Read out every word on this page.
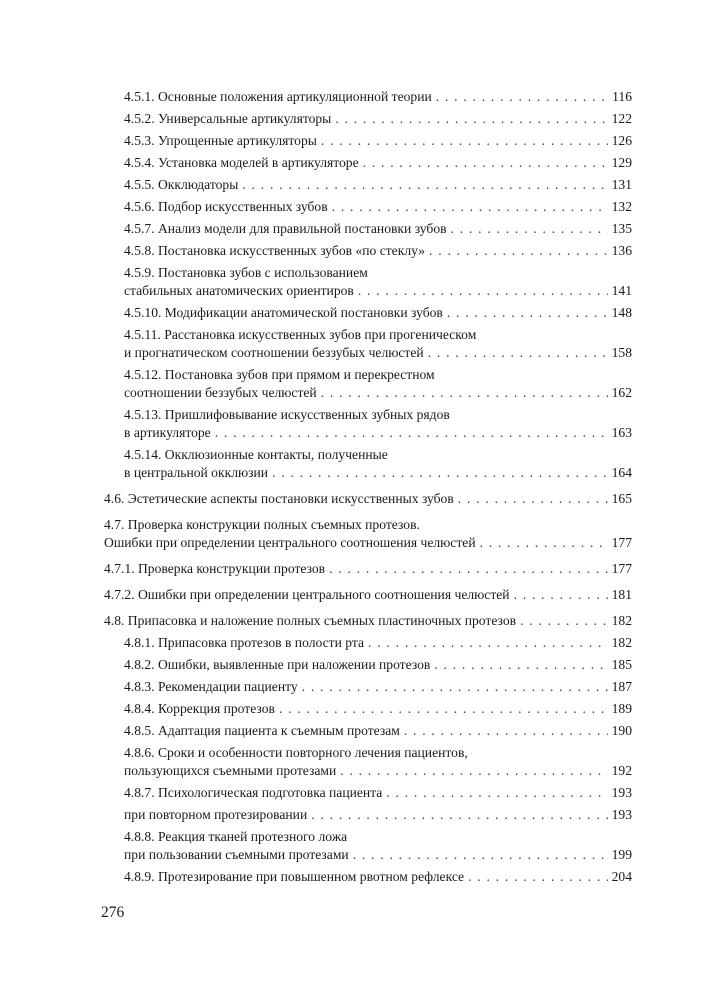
4.5.1. Основные положения артикуляционной теории . . .	116
4.5.2. Универсальные артикуляторы . . .	122
4.5.3. Упрощенные артикуляторы . . .	126
4.5.4. Установка моделей в артикуляторе . . .	129
4.5.5. Окклюдаторы . . .	131
4.5.6. Подбор искусственных зубов . . .	132
4.5.7. Анализ модели для правильной постановки зубов . . .	135
4.5.8. Постановка искусственных зубов «по стеклу» . . .	136
4.5.9. Постановка зубов с использованием
стабильных анатомических ориентиров . . .	141
4.5.10. Модификации анатомической постановки зубов . . .	148
4.5.11. Расстановка искусственных зубов при прогеническом
и прогнатическом соотношении беззубых челюстей . . .	158
4.5.12. Постановка зубов при прямом и перекрестном
соотношении беззубых челюстей . . .	162
4.5.13. Пришлифовывание искусственных зубных рядов
в артикуляторе . . .	163
4.5.14. Окклюзионные контакты, полученные
в центральной окклюзии . . .	164
4.6. Эстетические аспекты постановки искусственных зубов . . .	165
4.7. Проверка конструкции полных съемных протезов.
Ошибки при определении центрального соотношения челюстей . . .	177
4.7.1. Проверка конструкции протезов . . .	177
4.7.2. Ошибки при определении центрального соотношения челюстей . . .	181
4.8. Припасовка и наложение полных съемных пластиночных протезов . . .	182
4.8.1. Припасовка протезов в полости рта . . .	182
4.8.2. Ошибки, выявленные при наложении протезов . . .	185
4.8.3. Рекомендации пациенту . . .	187
4.8.4. Коррекция протезов . . .	189
4.8.5. Адаптация пациента к съемным протезам . . .	190
4.8.6. Сроки и особенности повторного лечения пациентов,
пользующихся съемными протезами . . .	192
4.8.7. Психологическая подготовка пациента . . .	193
при повторном протезировании . . .	193
4.8.8. Реакция тканей протезного ложа
при пользовании съемными протезами . . .	199
4.8.9. Протезирование при повышенном рвотном рефлексе . . .	204
276
